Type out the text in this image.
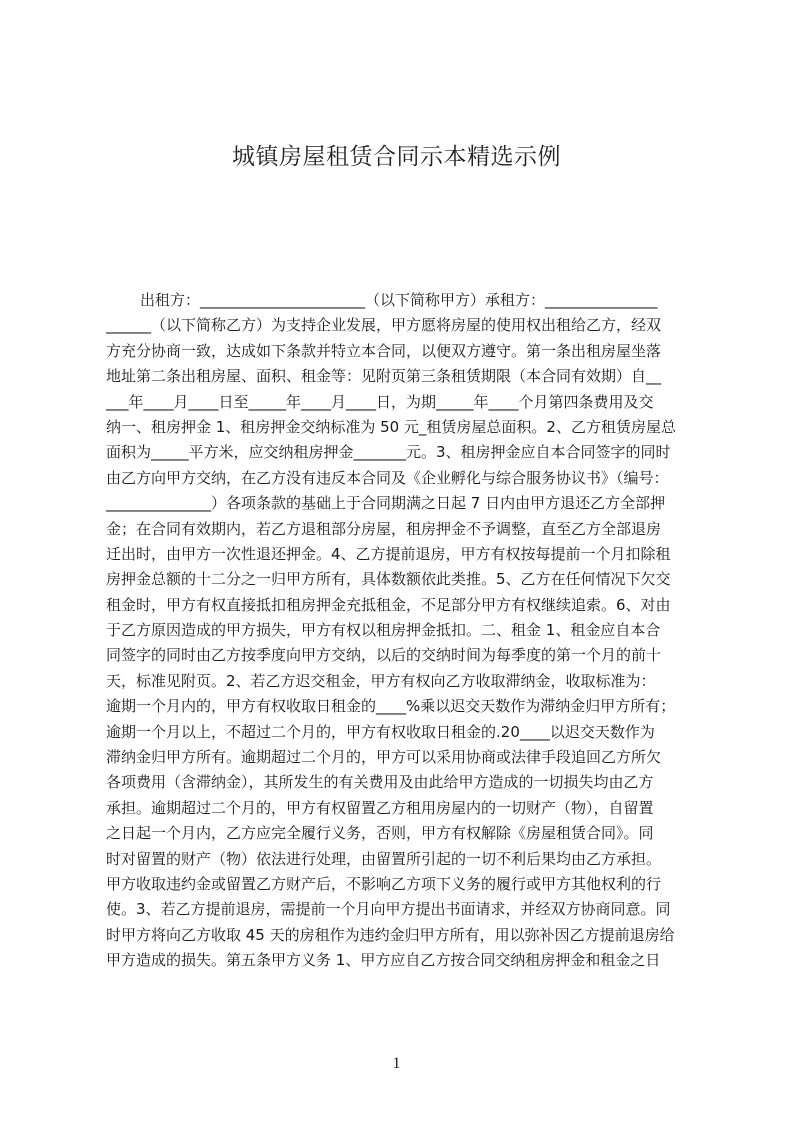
城镇房屋租赁合同示本精选示例
出租方：______________________（以下简称甲方）承租方：_______________
______（以下简称乙方）为支持企业发展，甲方愿将房屋的使用权出租给乙方，经双
方充分协商一致，达成如下条款并特立本合同，以便双方遵守。第一条出租房屋坐落
地址第二条出租房屋、面积、租金等：见附页第三条租赁期限（本合同有效期）自__
___年____月____日至_____年____月____日，为期_____年____个月第四条费用及交
纳一、租房押金 1、租房押金交纳标准为 50 元_租赁房屋总面积。2、乙方租赁房屋总
面积为_____平方米，应交纳租房押金_______元。3、租房押金应自本合同签字的同时
由乙方向甲方交纳，在乙方没有违反本合同及《企业孵化与综合服务协议书》（编号：
______________）各项条款的基础上于合同期满之日起 7 日内由甲方退还乙方全部押
金；在合同有效期内，若乙方退租部分房屋，租房押金不予调整，直至乙方全部退房
迁出时，由甲方一次性退还押金。4、乙方提前退房，甲方有权按每提前一个月扣除租
房押金总额的十二分之一归甲方所有，具体数额依此类推。5、乙方在任何情况下欠交
租金时，甲方有权直接抵扣租房押金充抵租金，不足部分甲方有权继续追索。6、对由
于乙方原因造成的甲方损失，甲方有权以租房押金抵扣。二、租金 1、租金应自本合
同签字的同时由乙方按季度向甲方交纳，以后的交纳时间为每季度的第一个月的前十
天，标准见附页。2、若乙方迟交租金，甲方有权向乙方收取滞纳金，收取标准为：
逾期一个月内的，甲方有权收取日租金的____%乘以迟交天数作为滞纳金归甲方所有；
逾期一个月以上，不超过二个月的，甲方有权收取日租金的.20____以迟交天数作为
滞纳金归甲方所有。逾期超过二个月的，甲方可以采用协商或法律手段追回乙方所欠
各项费用（含滞纳金），其所发生的有关费用及由此给甲方造成的一切损失均由乙方
承担。逾期超过二个月的，甲方有权留置乙方租用房屋内的一切财产（物），自留置
之日起一个月内，乙方应完全履行义务，否则，甲方有权解除《房屋租赁合同》。同
时对留置的财产（物）依法进行处理，由留置所引起的一切不利后果均由乙方承担。
甲方收取违约金或留置乙方财产后，不影响乙方项下义务的履行或甲方其他权利的行
使。3、若乙方提前退房，需提前一个月向甲方提出书面请求，并经双方协商同意。同
时甲方将向乙方收取 45 天的房租作为违约金归甲方所有，用以弥补因乙方提前退房给
甲方造成的损失。第五条甲方义务 1、甲方应自乙方按合同交纳租房押金和租金之日
1
